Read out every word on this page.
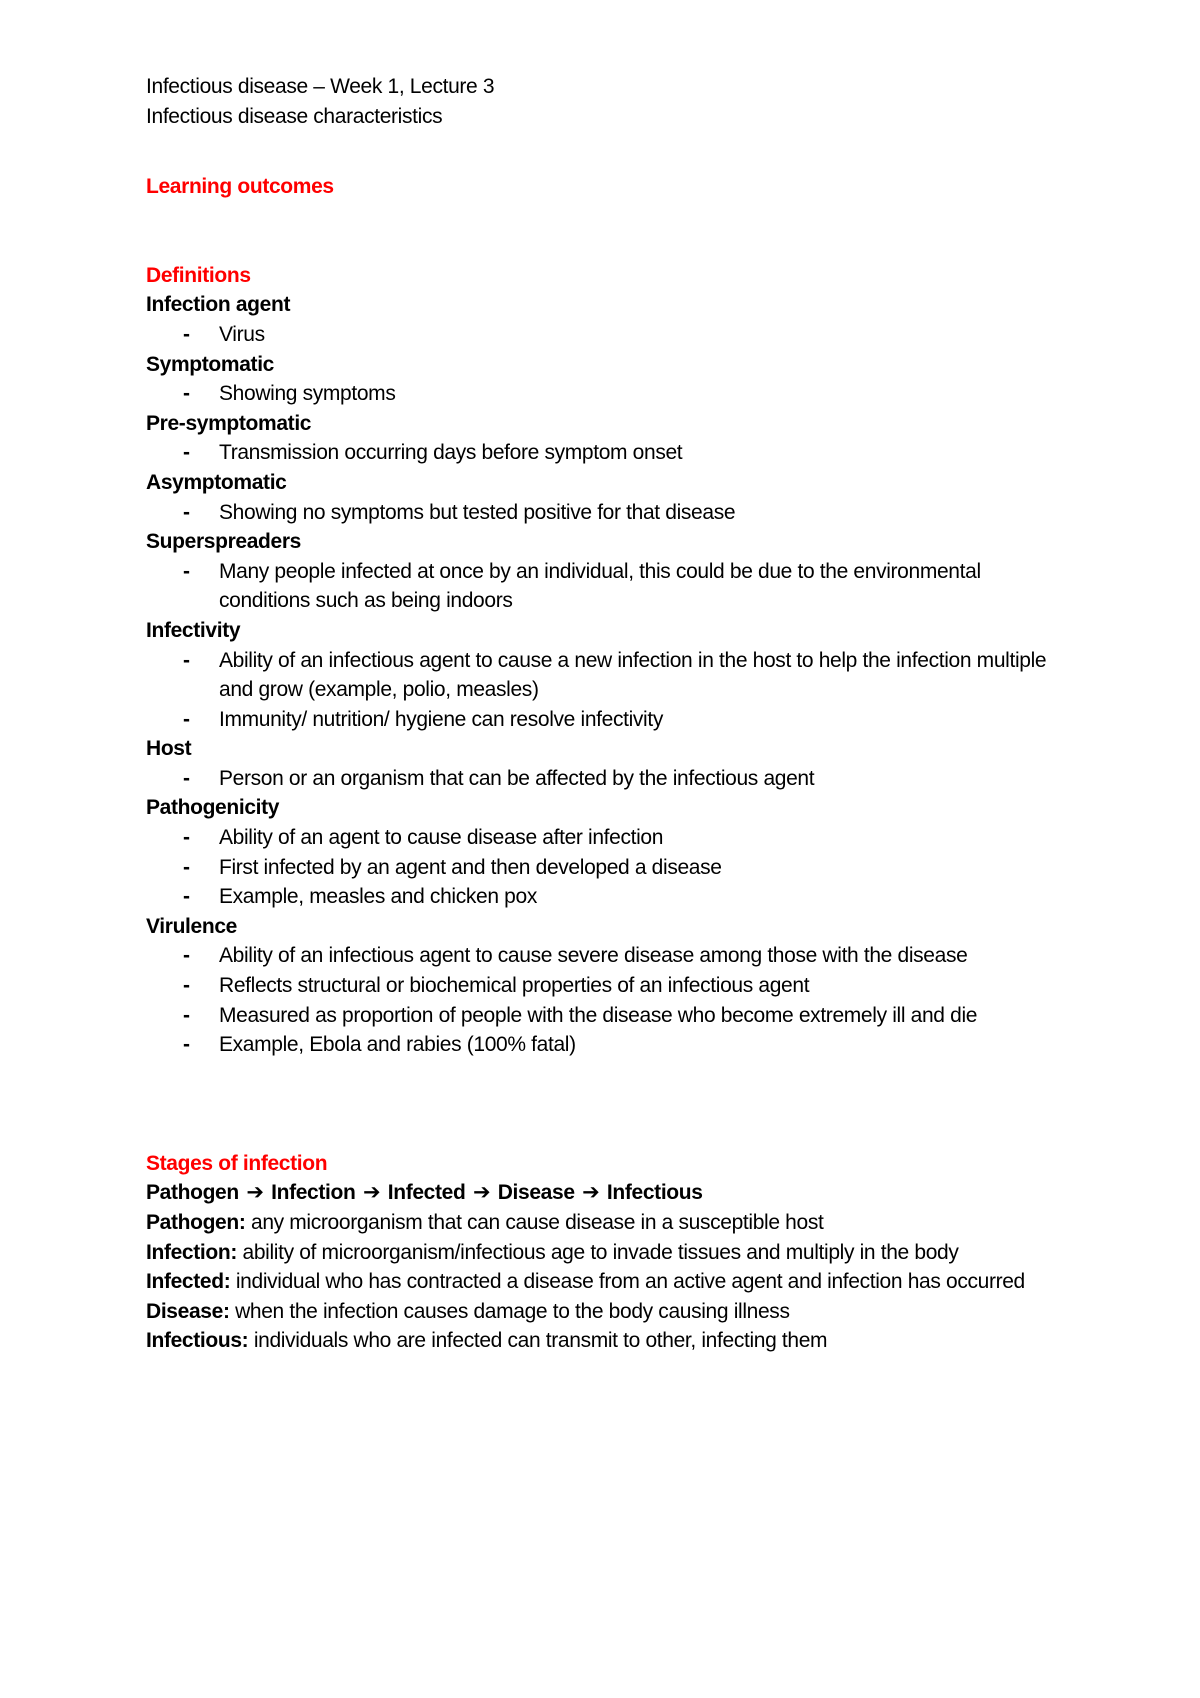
Infectious disease – Week 1, Lecture 3
Infectious disease characteristics
Learning outcomes
Definitions
Infection agent
- Virus
Symptomatic
- Showing symptoms
Pre-symptomatic
- Transmission occurring days before symptom onset
Asymptomatic
- Showing no symptoms but tested positive for that disease
Superspreaders
- Many people infected at once by an individual, this could be due to the environmental conditions such as being indoors
Infectivity
- Ability of an infectious agent to cause a new infection in the host to help the infection multiple and grow (example, polio, measles)
- Immunity/ nutrition/ hygiene can resolve infectivity
Host
- Person or an organism that can be affected by the infectious agent
Pathogenicity
- Ability of an agent to cause disease after infection
- First infected by an agent and then developed a disease
- Example, measles and chicken pox
Virulence
- Ability of an infectious agent to cause severe disease among those with the disease
- Reflects structural or biochemical properties of an infectious agent
- Measured as proportion of people with the disease who become extremely ill and die
- Example, Ebola and rabies (100% fatal)
Stages of infection
Pathogen ➔ Infection ➔ Infected ➔ Disease ➔ Infectious
Pathogen: any microorganism that can cause disease in a susceptible host
Infection: ability of microorganism/infectious age to invade tissues and multiply in the body
Infected: individual who has contracted a disease from an active agent and infection has occurred
Disease: when the infection causes damage to the body causing illness
Infectious: individuals who are infected can transmit to other, infecting them
